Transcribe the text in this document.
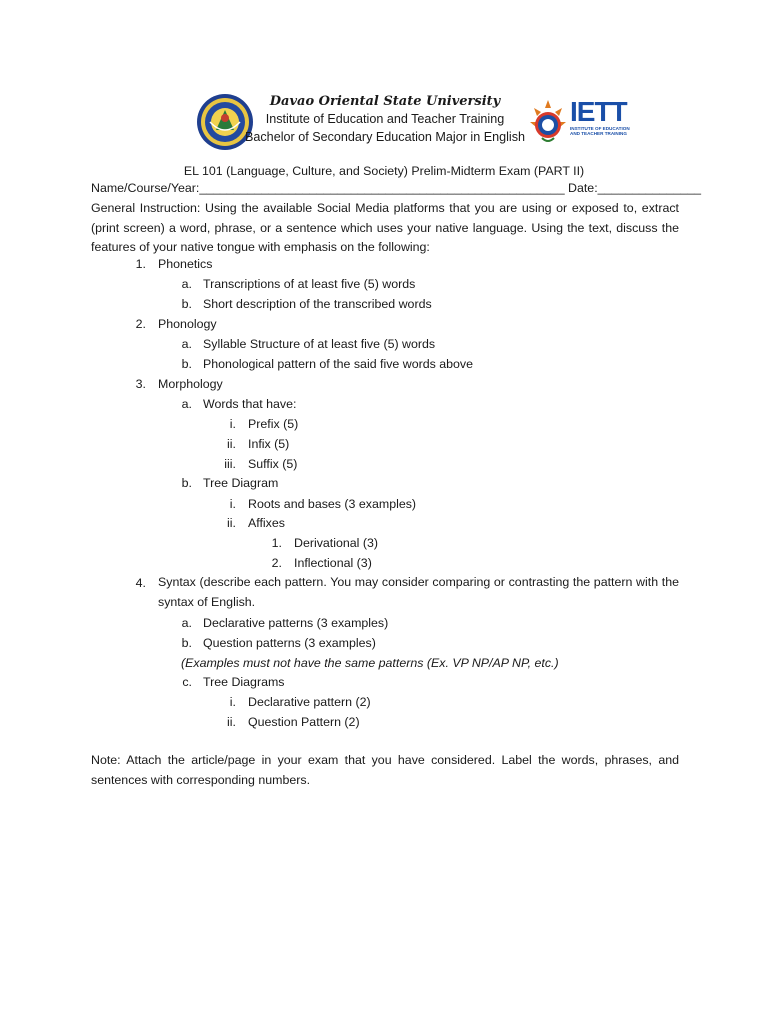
Davao Oriental State University
Institute of Education and Teacher Training
Bachelor of Secondary Education Major in English
IETT
INSTITUTE OF EDUCATION
AND TEACHER TRAINING
EL 101 (Language, Culture, and Society) Prelim-Midterm Exam (PART II)
Name/Course/Year:_____________________________________________________ Date:_______________
General Instruction: Using the available Social Media platforms that you are using or exposed to, extract (print screen) a word, phrase, or a sentence which uses your native language. Using the text, discuss the features of your native tongue with emphasis on the following:
1. Phonetics
a. Transcriptions of at least five (5) words
b. Short description of the transcribed words
2. Phonology
a. Syllable Structure of at least five (5) words
b. Phonological pattern of the said five words above
3. Morphology
a. Words that have:
i. Prefix (5)
ii. Infix (5)
iii. Suffix (5)
b. Tree Diagram
i. Roots and bases (3 examples)
ii. Affixes
1. Derivational (3)
2. Inflectional (3)
4. Syntax (describe each pattern. You may consider comparing or contrasting the pattern with the syntax of English.
a. Declarative patterns (3 examples)
b. Question patterns (3 examples)
(Examples must not have the same patterns (Ex. VP NP/AP NP, etc.)
c. Tree Diagrams
i. Declarative pattern (2)
ii. Question Pattern (2)
Note: Attach the article/page in your exam that you have considered. Label the words, phrases, and sentences with corresponding numbers.
